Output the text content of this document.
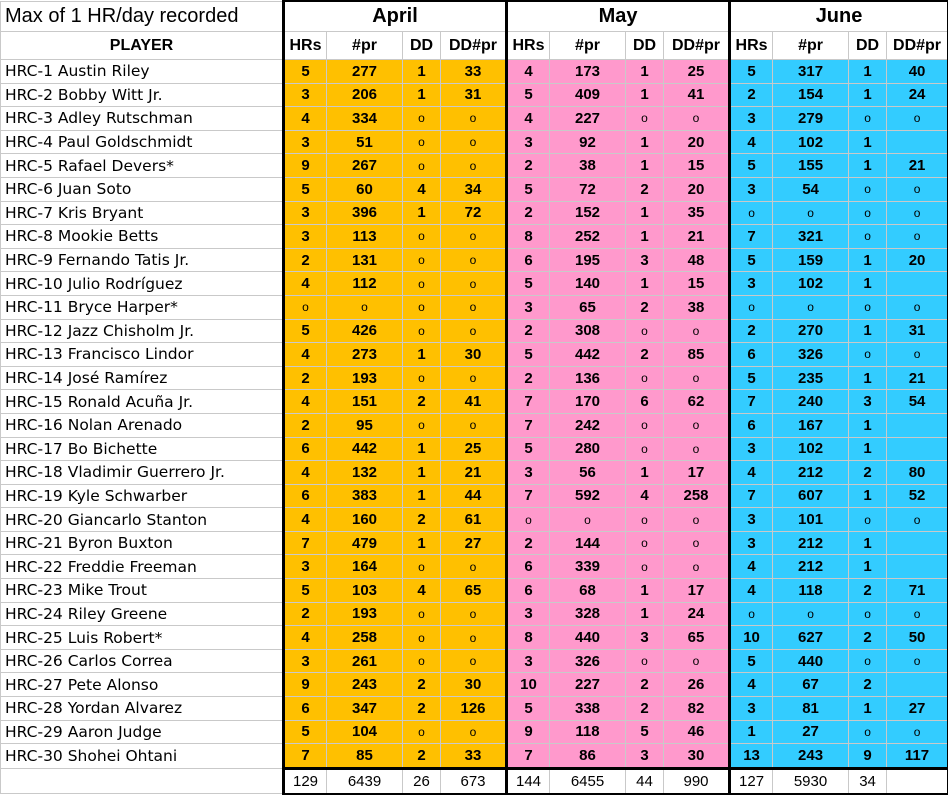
Max of 1 HR/day recorded	April				May				June			
PLAYER	HRs	#pr	DD	DD#pr	HRs	#pr	DD	DD#pr	HRs	#pr	DD	DD#pr
HRC-1 Austin Riley	5	277	1	33	4	173	1	25	5	317	1	40
HRC-2 Bobby Witt Jr.	3	206	1	31	5	409	1	41	2	154	1	24
HRC-3 Adley Rutschman	4	334	o	o	4	227	o	o	3	279	o	o
HRC-4 Paul Goldschmidt	3	51	o	o	3	92	1	20	4	102	1	
HRC-5 Rafael Devers*	9	267	o	o	2	38	1	15	5	155	1	21
HRC-6 Juan Soto	5	60	4	34	5	72	2	20	3	54	o	o
HRC-7 Kris Bryant	3	396	1	72	2	152	1	35	o	o	o	o
HRC-8 Mookie Betts	3	113	o	o	8	252	1	21	7	321	o	o
HRC-9 Fernando Tatis Jr.	2	131	o	o	6	195	3	48	5	159	1	20
HRC-10 Julio Rodríguez	4	112	o	o	5	140	1	15	3	102	1	
HRC-11 Bryce Harper*	o	o	o	o	3	65	2	38	o	o	o	o
HRC-12 Jazz Chisholm Jr.	5	426	o	o	2	308	o	o	2	270	1	31
HRC-13 Francisco Lindor	4	273	1	30	5	442	2	85	6	326	o	o
HRC-14 José Ramírez	2	193	o	o	2	136	o	o	5	235	1	21
HRC-15 Ronald Acuña Jr.	4	151	2	41	7	170	6	62	7	240	3	54
HRC-16 Nolan Arenado	2	95	o	o	7	242	o	o	6	167	1	
HRC-17 Bo Bichette	6	442	1	25	5	280	o	o	3	102	1	
HRC-18 Vladimir Guerrero Jr.	4	132	1	21	3	56	1	17	4	212	2	80
HRC-19 Kyle Schwarber	6	383	1	44	7	592	4	258	7	607	1	52
HRC-20 Giancarlo Stanton	4	160	2	61	o	o	o	o	3	101	o	o
HRC-21 Byron Buxton	7	479	1	27	2	144	o	o	3	212	1	
HRC-22 Freddie Freeman	3	164	o	o	6	339	o	o	4	212	1	
HRC-23 Mike Trout	5	103	4	65	6	68	1	17	4	118	2	71
HRC-24 Riley Greene	2	193	o	o	3	328	1	24	o	o	o	o
HRC-25 Luis Robert*	4	258	o	o	8	440	3	65	10	627	2	50
HRC-26 Carlos Correa	3	261	o	o	3	326	o	o	5	440	o	o
HRC-27 Pete Alonso	9	243	2	30	10	227	2	26	4	67	2	
HRC-28 Yordan Alvarez	6	347	2	126	5	338	2	82	3	81	1	27
HRC-29 Aaron Judge	5	104	o	o	9	118	5	46	1	27	o	o
HRC-30 Shohei Ohtani	7	85	2	33	7	86	3	30	13	243	9	117
	129	6439	26	673	144	6455	44	990	127	5930	34	
